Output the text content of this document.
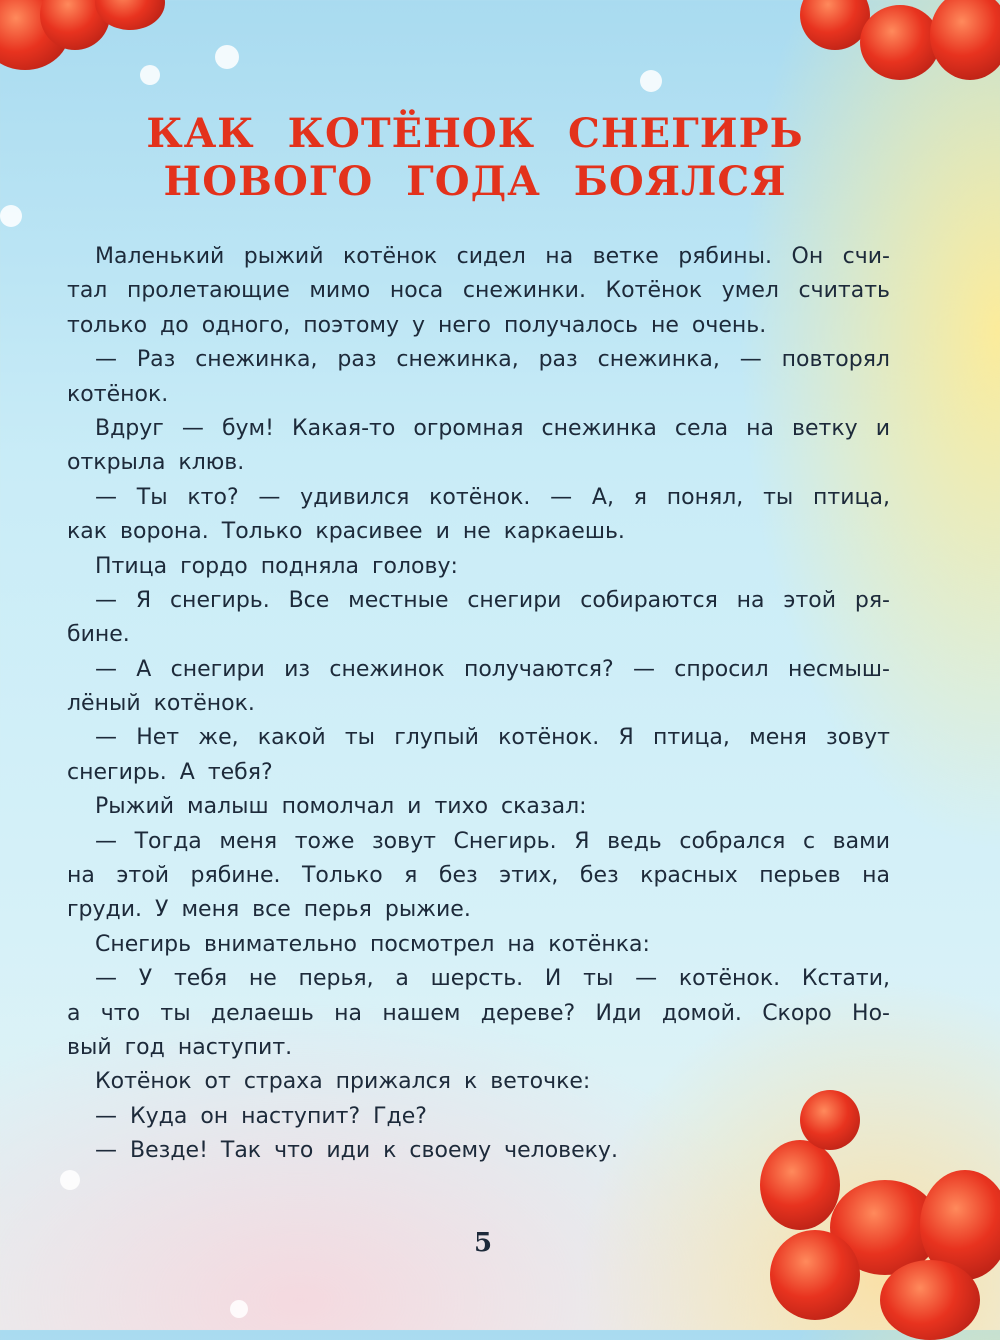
КАК КОТЁНОК СНЕГИРЬ
НОВОГО ГОДА БОЯЛСЯ
Маленький рыжий котёнок сидел на ветке рябины. Он счи-
тал пролетающие мимо носа снежинки. Котёнок умел считать
только до одного, поэтому у него получалось не очень.
— Раз снежинка, раз снежинка, раз снежинка, — повторял
котёнок.
Вдруг — бум! Какая-то огромная снежинка села на ветку и
открыла клюв.
— Ты кто? — удивился котёнок. — А, я понял, ты птица,
как ворона. Только красивее и не каркаешь.
Птица гордо подняла голову:
— Я снегирь. Все местные снегири собираются на этой ря-
бине.
— А снегири из снежинок получаются? — спросил несмыш-
лёный котёнок.
— Нет же, какой ты глупый котёнок. Я птица, меня зовут
снегирь. А тебя?
Рыжий малыш помолчал и тихо сказал:
— Тогда меня тоже зовут Снегирь. Я ведь собрался с вами
на этой рябине. Только я без этих, без красных перьев на
груди. У меня все перья рыжие.
Снегирь внимательно посмотрел на котёнка:
— У тебя не перья, а шерсть. И ты — котёнок. Кстати,
а что ты делаешь на нашем дереве? Иди домой. Скоро Но-
вый год наступит.
Котёнок от страха прижался к веточке:
— Куда он наступит? Где?
— Везде! Так что иди к своему человеку.
5
